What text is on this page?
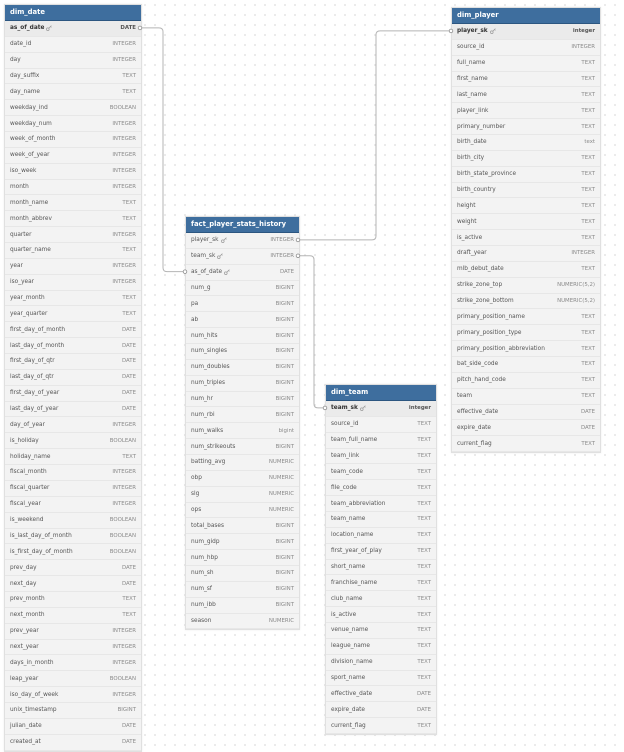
dim_date
as_of_date	DATE
date_id	INTEGER
day	INTEGER
day_suffix	TEXT
day_name	TEXT
weekday_ind	BOOLEAN
weekday_num	INTEGER
week_of_month	INTEGER
week_of_year	INTEGER
iso_week	INTEGER
month	INTEGER
month_name	TEXT
month_abbrev	TEXT
quarter	INTEGER
quarter_name	TEXT
year	INTEGER
iso_year	INTEGER
year_month	TEXT
year_quarter	TEXT
first_day_of_month	DATE
last_day_of_month	DATE
first_day_of_qtr	DATE
last_day_of_qtr	DATE
first_day_of_year	DATE
last_day_of_year	DATE
day_of_year	INTEGER
is_holiday	BOOLEAN
holiday_name	TEXT
fiscal_month	INTEGER
fiscal_quarter	INTEGER
fiscal_year	INTEGER
is_weekend	BOOLEAN
is_last_day_of_month	BOOLEAN
is_first_day_of_month	BOOLEAN
prev_day	DATE
next_day	DATE
prev_month	TEXT
next_month	TEXT
prev_year	INTEGER
next_year	INTEGER
days_in_month	INTEGER
leap_year	BOOLEAN
iso_day_of_week	INTEGER
unix_timestamp	BIGINT
julian_date	DATE
created_at	DATE
fact_player_stats_history
player_sk	INTEGER
team_sk	INTEGER
as_of_date	DATE
num_g	BIGINT
pa	BIGINT
ab	BIGINT
num_hits	BIGINT
num_singles	BIGINT
num_doubles	BIGINT
num_triples	BIGINT
num_hr	BIGINT
num_rbi	BIGINT
num_walks	bigint
num_strikeouts	BIGINT
batting_avg	NUMERIC
obp	NUMERIC
slg	NUMERIC
ops	NUMERIC
total_bases	BIGINT
num_gidp	BIGINT
num_hbp	BIGINT
num_sh	BIGINT
num_sf	BIGINT
num_ibb	BIGINT
season	NUMERIC
dim_team
team_sk	integer
source_id	TEXT
team_full_name	TEXT
team_link	TEXT
team_code	TEXT
file_code	TEXT
team_abbreviation	TEXT
team_name	TEXT
location_name	TEXT
first_year_of_play	TEXT
short_name	TEXT
franchise_name	TEXT
club_name	TEXT
is_active	TEXT
venue_name	TEXT
league_name	TEXT
division_name	TEXT
sport_name	TEXT
effective_date	DATE
expire_date	DATE
current_flag	TEXT
dim_player
player_sk	integer
source_id	INTEGER
full_name	TEXT
first_name	TEXT
last_name	TEXT
player_link	TEXT
primary_number	TEXT
birth_date	text
birth_city	TEXT
birth_state_province	TEXT
birth_country	TEXT
height	TEXT
weight	TEXT
is_active	TEXT
draft_year	INTEGER
mlb_debut_date	TEXT
strike_zone_top	NUMERIC(5,2)
strike_zone_bottom	NUMERIC(5,2)
primary_position_name	TEXT
primary_position_type	TEXT
primary_position_abbreviation	TEXT
bat_side_code	TEXT
pitch_hand_code	TEXT
team	TEXT
effective_date	DATE
expire_date	DATE
current_flag	TEXT
